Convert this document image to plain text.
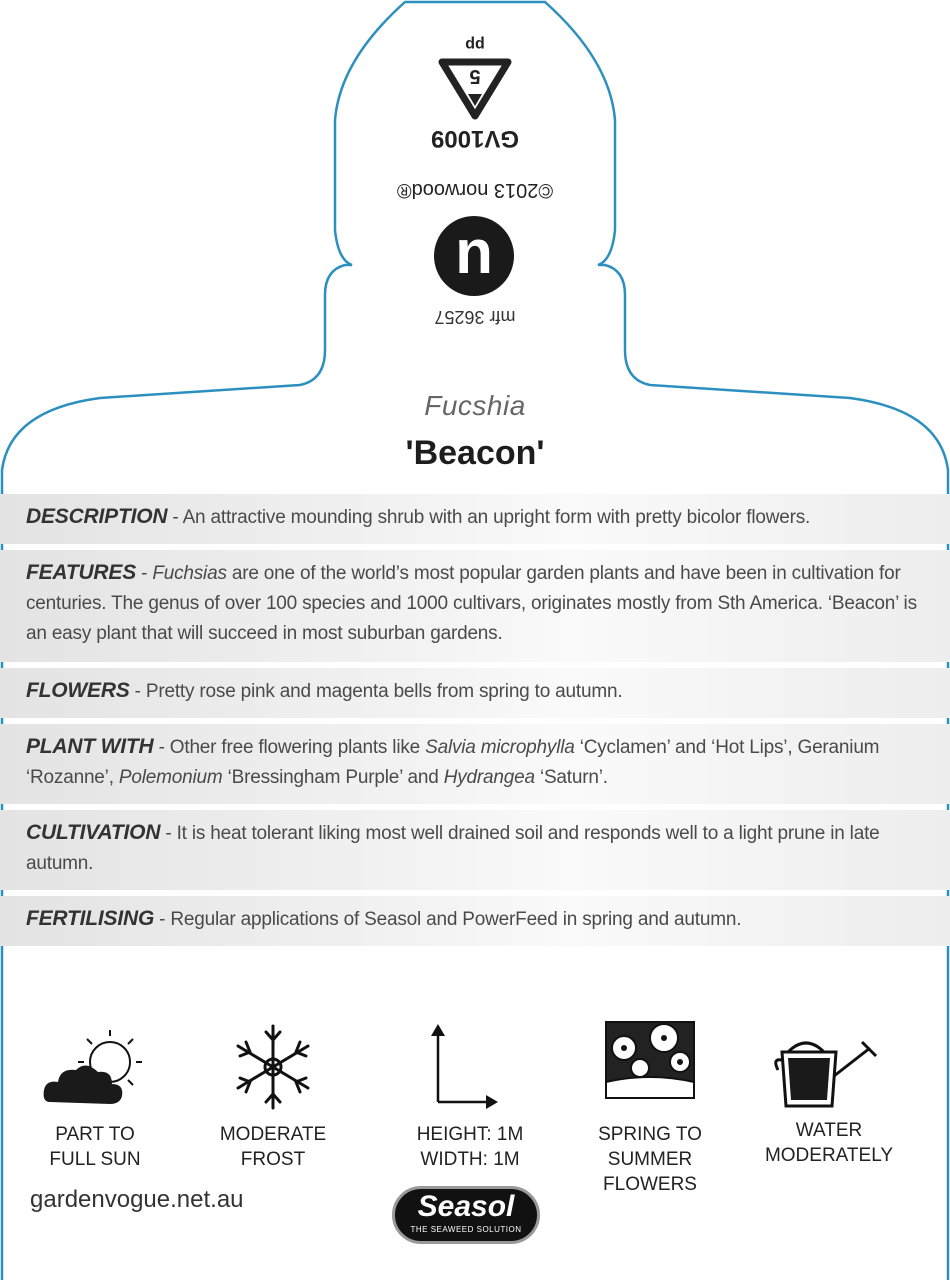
5
pp
GV1009
©2013 norwood®
u
mfr 36257
Fucshia
'Beacon'
DESCRIPTION - An attractive mounding shrub with an upright form with pretty bicolor flowers.
FEATURES - Fuchsias are one of the world’s most popular garden plants and have been in cultivation for centuries. The genus of over 100 species and 1000 cultivars, originates mostly from Sth America. ‘Beacon’ is an easy plant that will succeed in most suburban gardens.
FLOWERS - Pretty rose pink and magenta bells from spring to autumn.
PLANT WITH - Other free flowering plants like Salvia microphylla ‘Cyclamen’ and ‘Hot Lips’, Geranium ‘Rozanne’, Polemonium ‘Bressingham Purple’ and Hydrangea ‘Saturn’.
CULTIVATION - It is heat tolerant liking most well drained soil and responds well to a light prune in late autumn.
FERTILISING - Regular applications of Seasol and PowerFeed in spring and autumn.
PART TO
FULL SUN
MODERATE
FROST
HEIGHT: 1M
WIDTH: 1M
SPRING TO
SUMMER
FLOWERS
WATER
MODERATELY
gardenvogue.net.au	Seasol
THE SEAWEED SOLUTION
